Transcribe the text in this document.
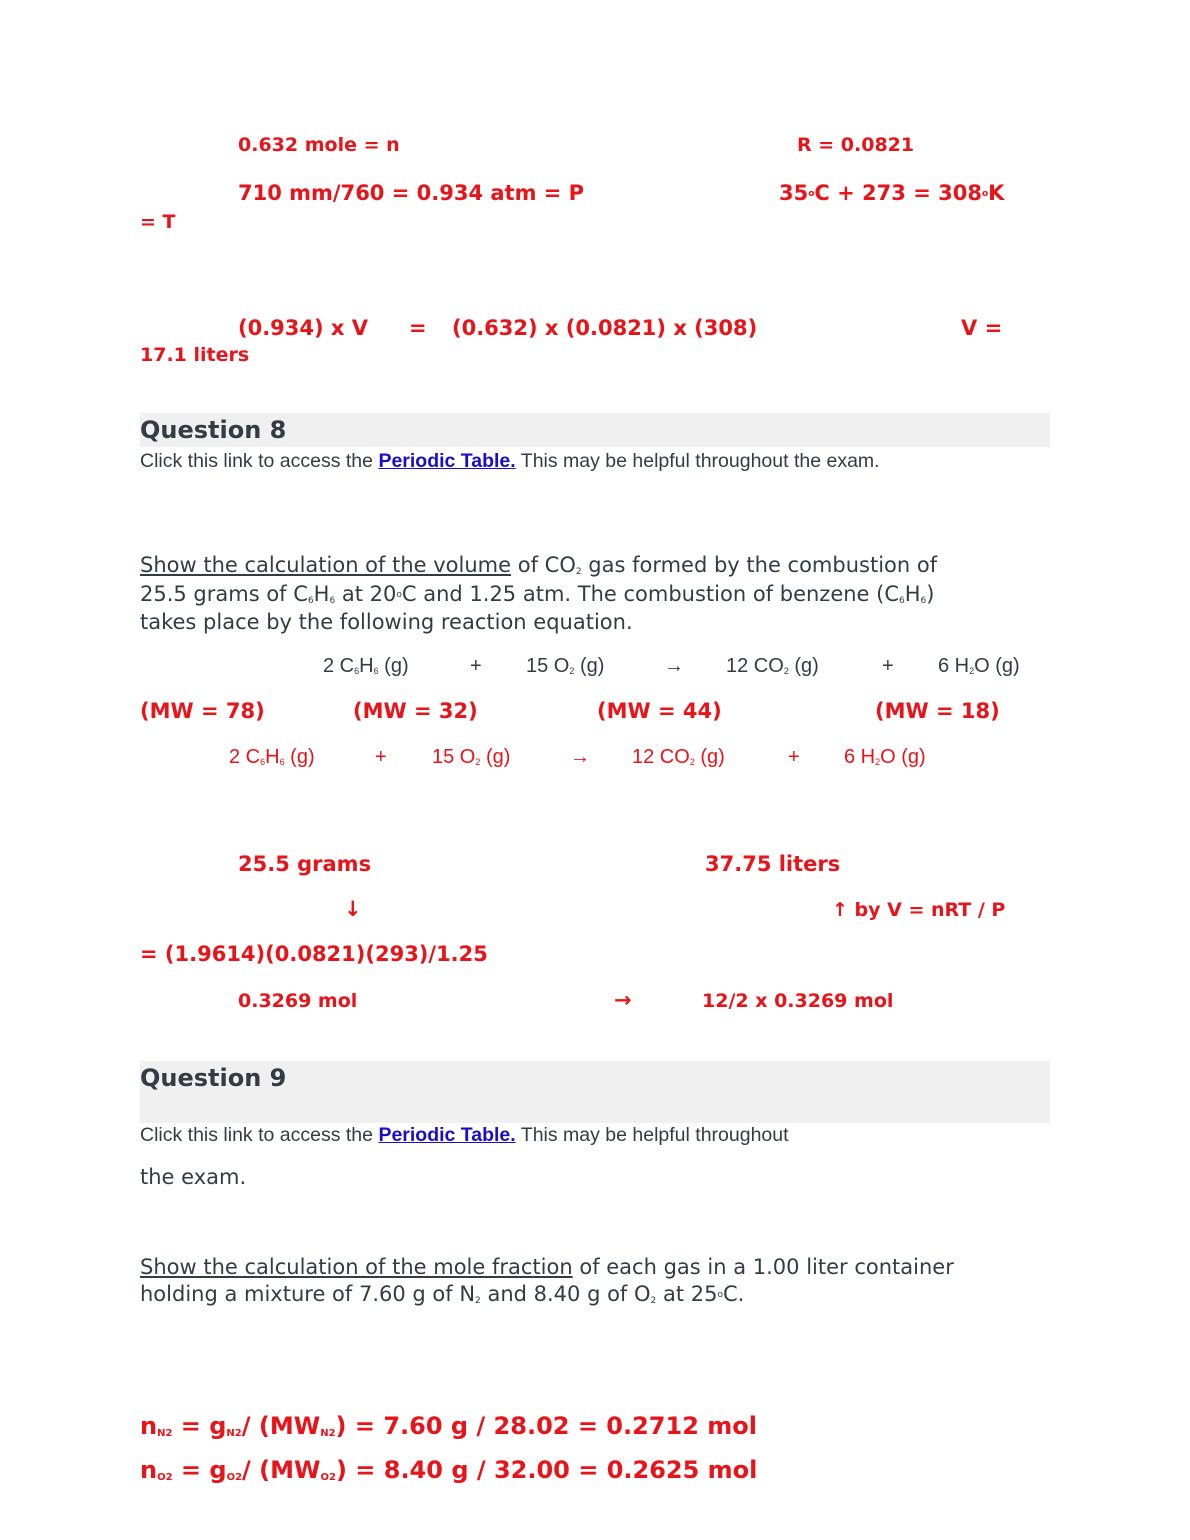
0.632 mole = n	R = 0.0821
710 mm/760 = 0.934 atm = P	35oC + 273 = 308oK
= T
(0.934) x V = (0.632) x (0.0821) x (308)	V =
17.1 liters
Question 8
Click this link to access the Periodic Table. This may be helpful throughout the exam.
Show the calculation of the volume of $CO_2$ gas formed by the combustion of
25.5 grams of $C_6H_6$ at 20oC and 1.25 atm. The combustion of benzene $(C_6H_6)$
takes place by the following reaction equation.
2 $C_6H_6$ (g)	+ 15 $O_2$ (g)	→ 12 $CO_2$ (g)	+ 6 $H_2O$ (g)
(MW = 78)	(MW = 32)	(MW = 44)	(MW = 18)
2 $C_6H_6$ (g)	+ 15 $O_2$ (g)	→ 12 $CO_2$ (g)	+ 6 $H_2O$ (g)
25.5 grams	37.75 liters
↓	↑ by V = nRT / P
= (1.9614)(0.0821)(293)/1.25
0.3269 mol	→	12/2 x 0.3269 mol
Question 9
Click this link to access the Periodic Table. This may be helpful throughout
the exam.
Show the calculation of the mole fraction of each gas in a 1.00 liter container
holding a mixture of 7.60 g of $N_2$ and 8.40 g of $O_2$ at 25oC.
nN2 = gN2/ (MWN2) = 7.60 g / 28.02 = 0.2712 mol
nO2 = gO2/ (MWO2) = 8.40 g / 32.00 = 0.2625 mol
